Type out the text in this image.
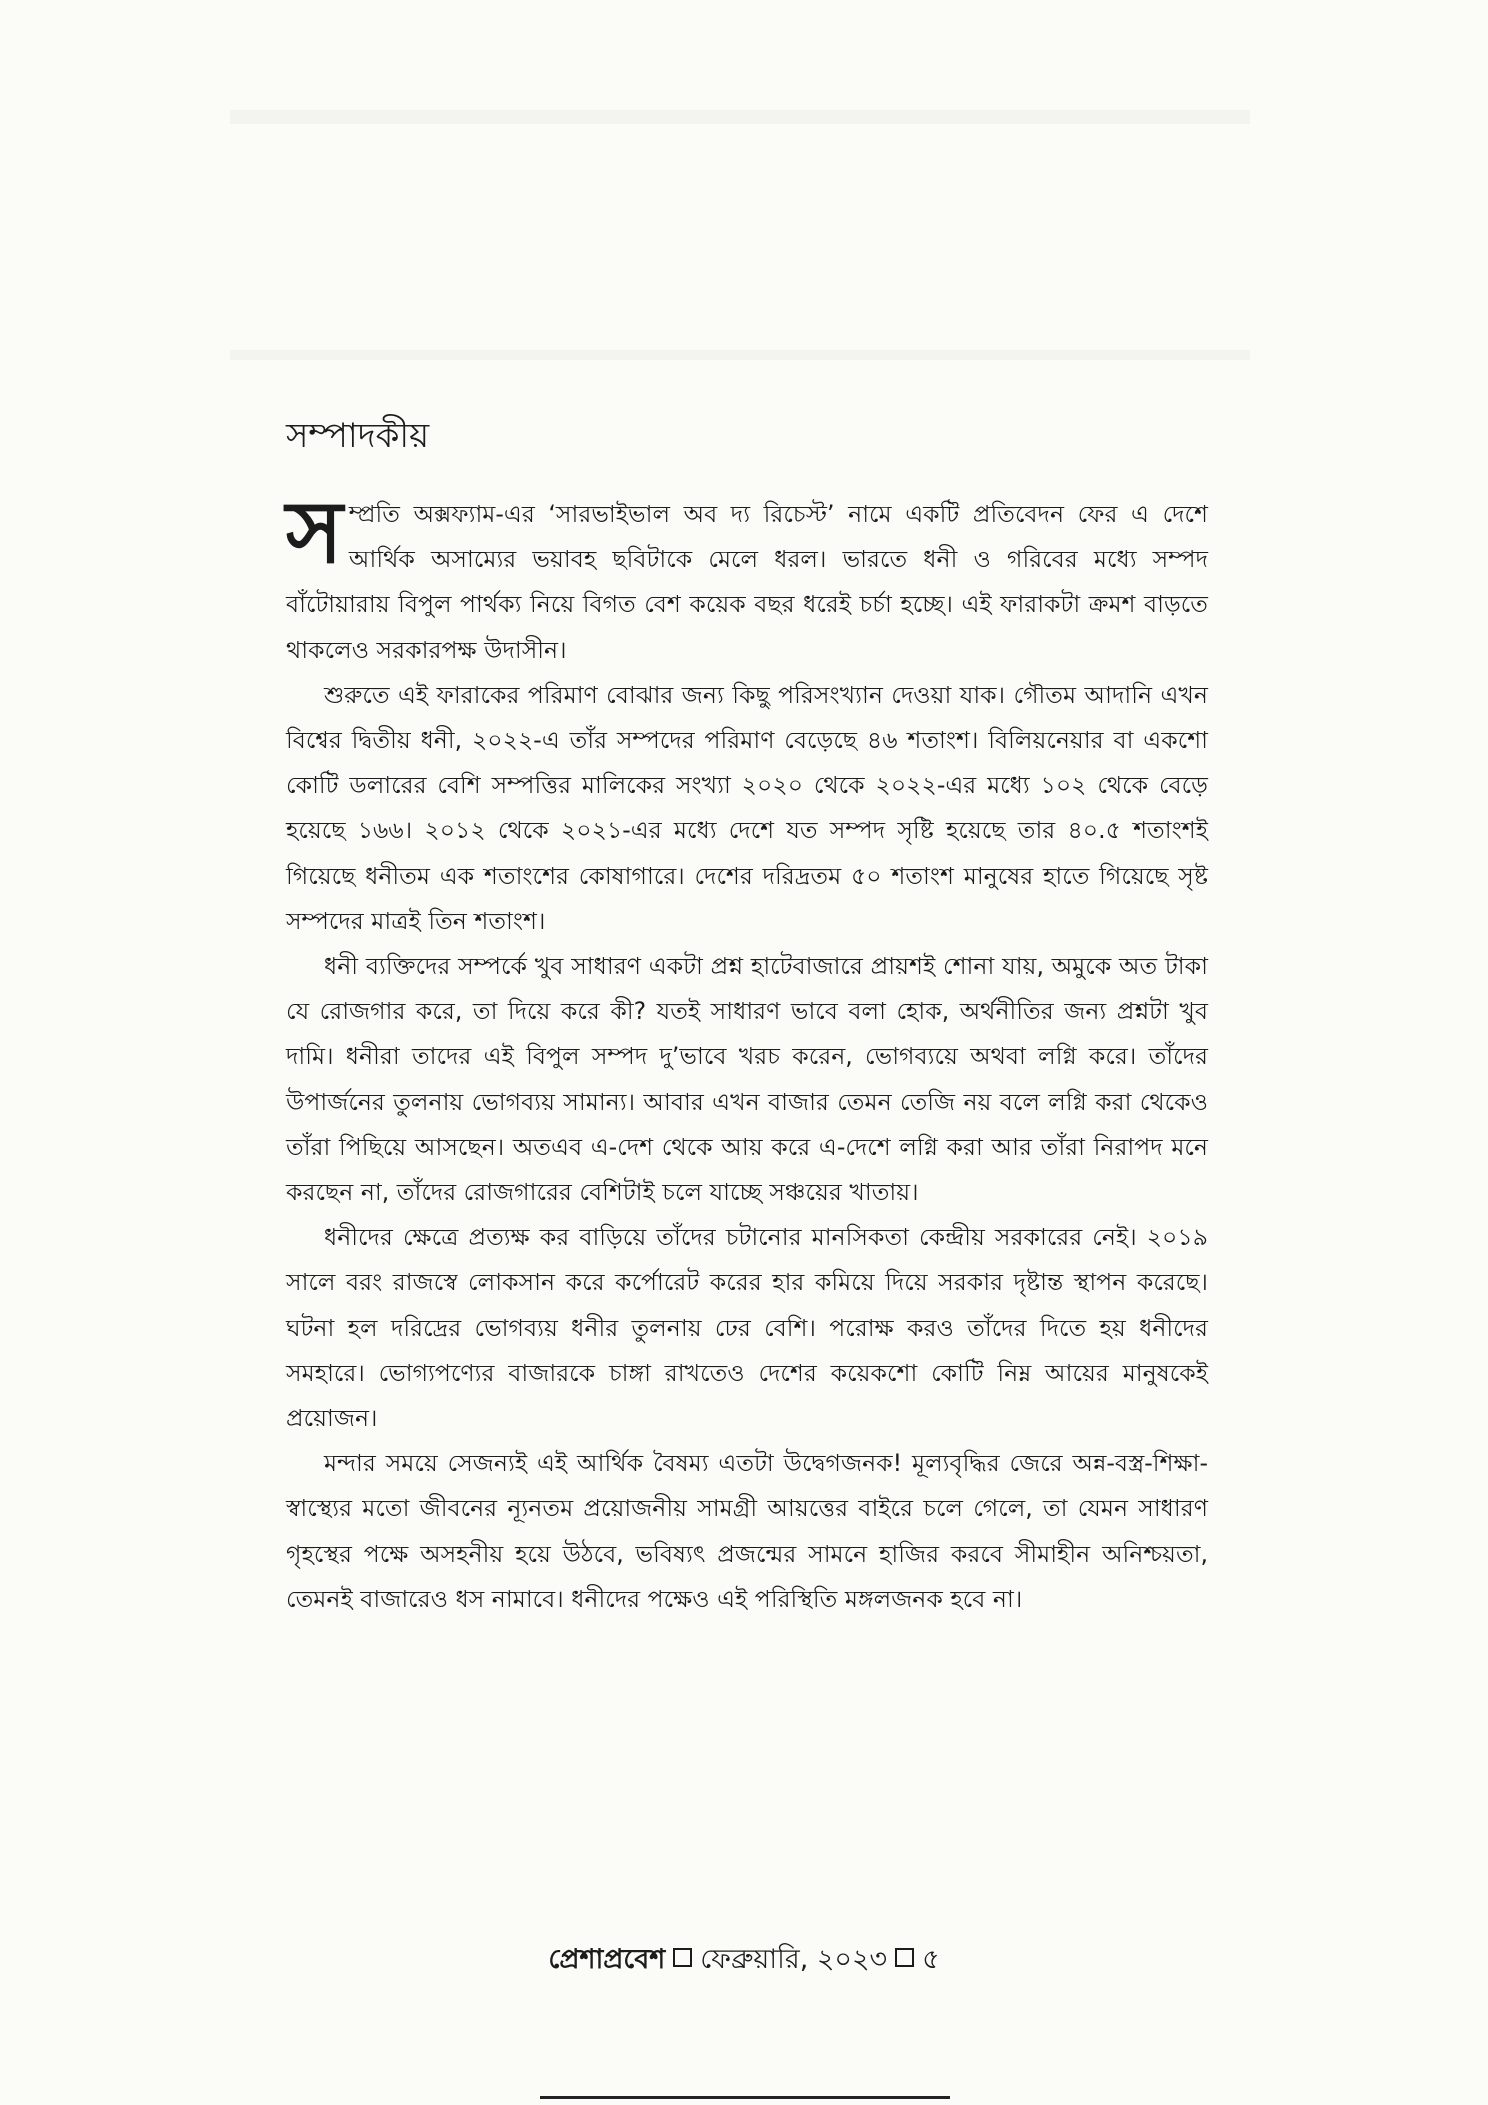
সম্পাদকীয়

সম্প্রতি অক্সফ্যাম-এর ‘সারভাইভাল অব দ্য রিচেস্ট’ নামে একটি প্রতিবেদন ফের এ দেশে আর্থিক অসাম্যের ভয়াবহ ছবিটাকে মেলে ধরল। ভারতে ধনী ও গরিবের মধ্যে সম্পদ বাঁটোয়ারায় বিপুল পার্থক্য নিয়ে বিগত বেশ কয়েক বছর ধরেই চর্চা হচ্ছে। এই ফারাকটা ক্রমশ বাড়তে থাকলেও সরকারপক্ষ উদাসীন।

শুরুতে এই ফারাকের পরিমাণ বোঝার জন্য কিছু পরিসংখ্যান দেওয়া যাক। গৌতম আদানি এখন বিশ্বের দ্বিতীয় ধনী, ২০২২-এ তাঁর সম্পদের পরিমাণ বেড়েছে ৪৬ শতাংশ। বিলিয়নেয়ার বা একশো কোটি ডলারের বেশি সম্পত্তির মালিকের সংখ্যা ২০২০ থেকে ২০২২-এর মধ্যে ১০২ থেকে বেড়ে হয়েছে ১৬৬। ২০১২ থেকে ২০২১-এর মধ্যে দেশে যত সম্পদ সৃষ্টি হয়েছে তার ৪০.৫ শতাংশই গিয়েছে ধনীতম এক শতাংশের কোষাগারে। দেশের দরিদ্রতম ৫০ শতাংশ মানুষের হাতে গিয়েছে সৃষ্ট সম্পদের মাত্রই তিন শতাংশ।

ধনী ব্যক্তিদের সম্পর্কে খুব সাধারণ একটা প্রশ্ন হাটেবাজারে প্রায়শই শোনা যায়, অমুকে অত টাকা যে রোজগার করে, তা দিয়ে করে কী? যতই সাধারণ ভাবে বলা হোক, অর্থনীতির জন্য প্রশ্নটা খুব দামি। ধনীরা তাদের এই বিপুল সম্পদ দু’ভাবে খরচ করেন, ভোগব্যয়ে অথবা লগ্নি করে। তাঁদের উপার্জনের তুলনায় ভোগব্যয় সামান্য। আবার এখন বাজার তেমন তেজি নয় বলে লগ্নি করা থেকেও তাঁরা পিছিয়ে আসছেন। অতএব এ-দেশ থেকে আয় করে এ-দেশে লগ্নি করা আর তাঁরা নিরাপদ মনে করছেন না, তাঁদের রোজগারের বেশিটাই চলে যাচ্ছে সঞ্চয়ের খাতায়।

ধনীদের ক্ষেত্রে প্রত্যক্ষ কর বাড়িয়ে তাঁদের চটানোর মানসিকতা কেন্দ্রীয় সরকারের নেই। ২০১৯ সালে বরং রাজস্বে লোকসান করে কর্পোরেট করের হার কমিয়ে দিয়ে সরকার দৃষ্টান্ত স্থাপন করেছে। ঘটনা হল দরিদ্রের ভোগব্যয় ধনীর তুলনায় ঢের বেশি। পরোক্ষ করও তাঁদের দিতে হয় ধনীদের সমহারে। ভোগ্যপণ্যের বাজারকে চাঙ্গা রাখতেও দেশের কয়েকশো কোটি নিম্ন আয়ের মানুষকেই প্রয়োজন।

মন্দার সময়ে সেজন্যই এই আর্থিক বৈষম্য এতটা উদ্বেগজনক! মূল্যবৃদ্ধির জেরে অন্ন-বস্ত্র-শিক্ষা-স্বাস্থ্যের মতো জীবনের ন্যূনতম প্রয়োজনীয় সামগ্রী আয়ত্তের বাইরে চলে গেলে, তা যেমন সাধারণ গৃহস্থের পক্ষে অসহনীয় হয়ে উঠবে, ভবিষ্যৎ প্রজন্মের সামনে হাজির করবে সীমাহীন অনিশ্চয়তা, তেমনই বাজারেও ধস নামাবে। ধনীদের পক্ষেও এই পরিস্থিতি মঙ্গলজনক হবে না।

প্রেশাপ্রবেশ ফেব্রুয়ারি, ২০২৩ ৫
